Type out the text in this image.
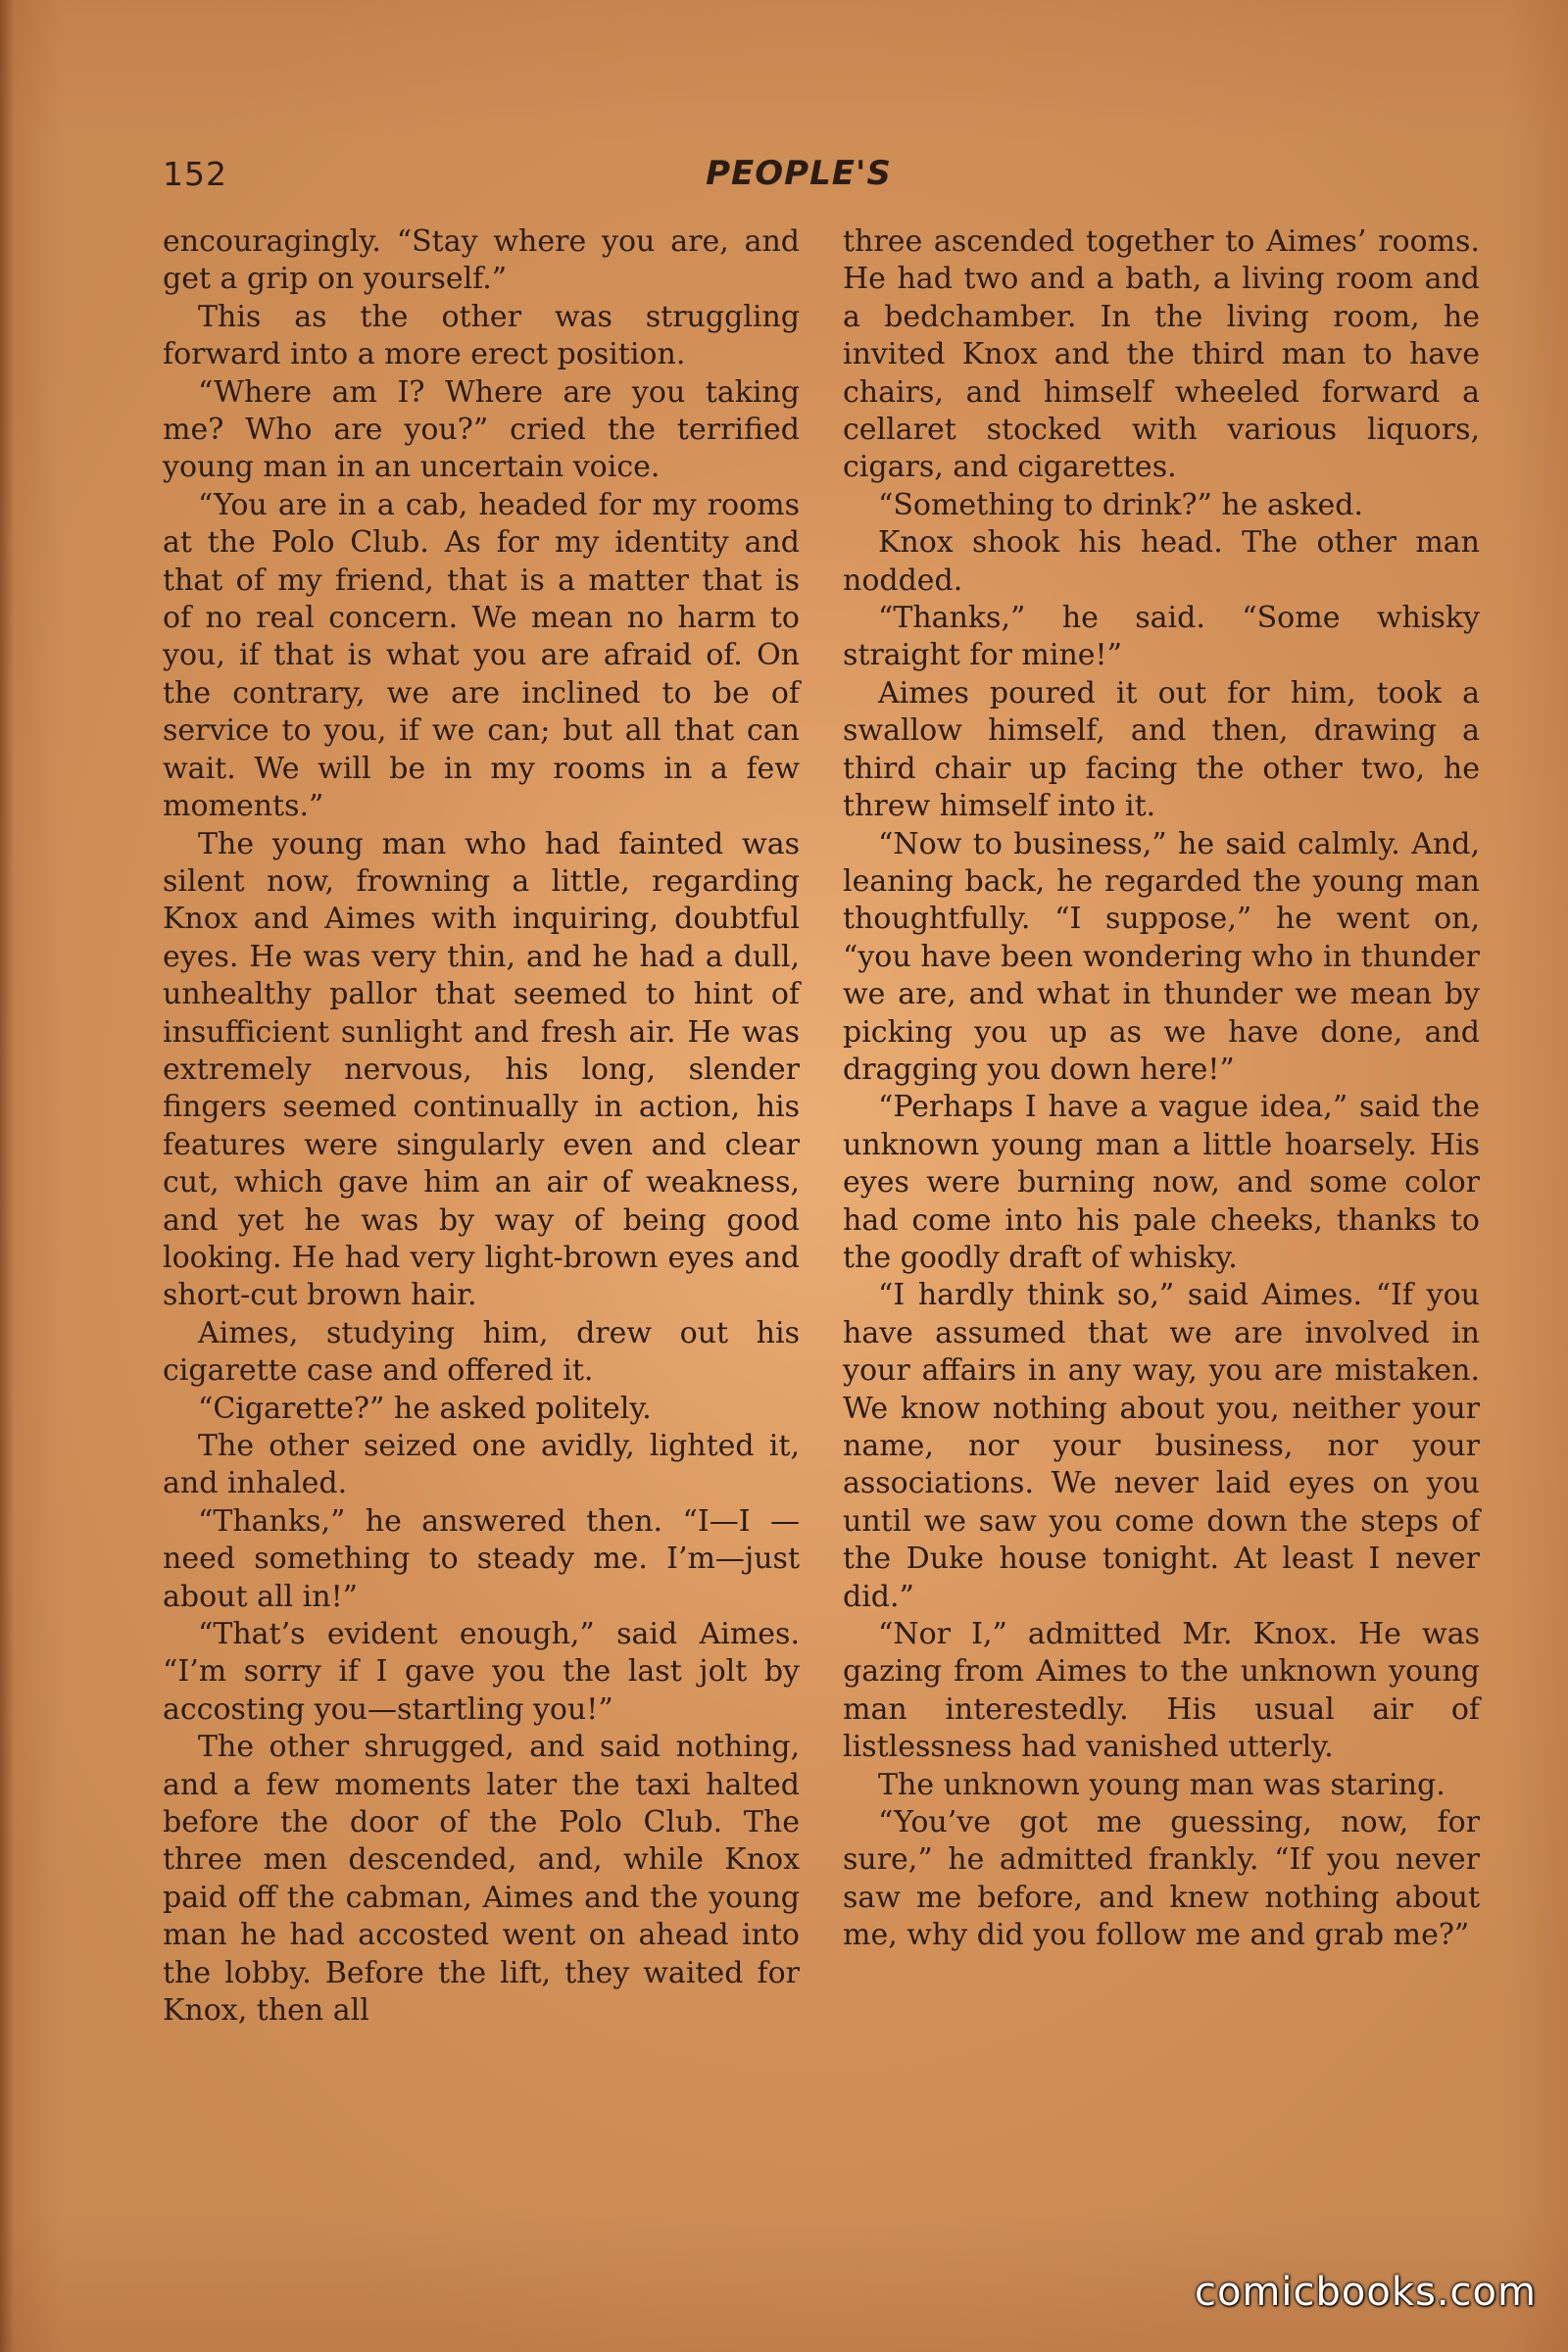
152	PEOPLE'S

encouragingly. “Stay where you are, and get a grip on yourself.”

This as the other was struggling forward into a more erect position.

“Where am I? Where are you taking me? Who are you?” cried the terrified young man in an uncertain voice.

“You are in a cab, headed for my rooms at the Polo Club. As for my identity and that of my friend, that is a matter that is of no real concern. We mean no harm to you, if that is what you are afraid of. On the contrary, we are inclined to be of service to you, if we can; but all that can wait. We will be in my rooms in a few moments.”

The young man who had fainted was silent now, frowning a little, regarding Knox and Aimes with inquiring, doubtful eyes. He was very thin, and he had a dull, unhealthy pallor that seemed to hint of insufficient sunlight and fresh air. He was extremely nervous, his long, slender fingers seemed continually in action, his features were singularly even and clear cut, which gave him an air of weakness, and yet he was by way of being good looking. He had very light-brown eyes and short-cut brown hair.

Aimes, studying him, drew out his cigarette case and offered it.

“Cigarette?” he asked politely.

The other seized one avidly, lighted it, and inhaled.

“Thanks,” he answered then. “I—I —need something to steady me. I’m—just about all in!”

“That’s evident enough,” said Aimes. “I’m sorry if I gave you the last jolt by accosting you—startling you!”

The other shrugged, and said nothing, and a few moments later the taxi halted before the door of the Polo Club. The three men descended, and, while Knox paid off the cabman, Aimes and the young man he had accosted went on ahead into the lobby. Before the lift, they waited for Knox, then all

three ascended together to Aimes’ rooms. He had two and a bath, a living room and a bedchamber. In the living room, he invited Knox and the third man to have chairs, and himself wheeled forward a cellaret stocked with various liquors, cigars, and cigarettes.

“Something to drink?” he asked.

Knox shook his head. The other man nodded.

“Thanks,” he said. “Some whisky straight for mine!”

Aimes poured it out for him, took a swallow himself, and then, drawing a third chair up facing the other two, he threw himself into it.

“Now to business,” he said calmly. And, leaning back, he regarded the young man thoughtfully. “I suppose,” he went on, “you have been wondering who in thunder we are, and what in thunder we mean by picking you up as we have done, and dragging you down here!”

“Perhaps I have a vague idea,” said the unknown young man a little hoarsely. His eyes were burning now, and some color had come into his pale cheeks, thanks to the goodly draft of whisky.

“I hardly think so,” said Aimes. “If you have assumed that we are involved in your affairs in any way, you are mistaken. We know nothing about you, neither your name, nor your business, nor your associations. We never laid eyes on you until we saw you come down the steps of the Duke house tonight. At least I never did.”

“Nor I,” admitted Mr. Knox. He was gazing from Aimes to the unknown young man interestedly. His usual air of listlessness had vanished utterly.

The unknown young man was staring.

“You’ve got me guessing, now, for sure,” he admitted frankly. “If you never saw me before, and knew nothing about me, why did you follow me and grab me?”

comicbooks.com
